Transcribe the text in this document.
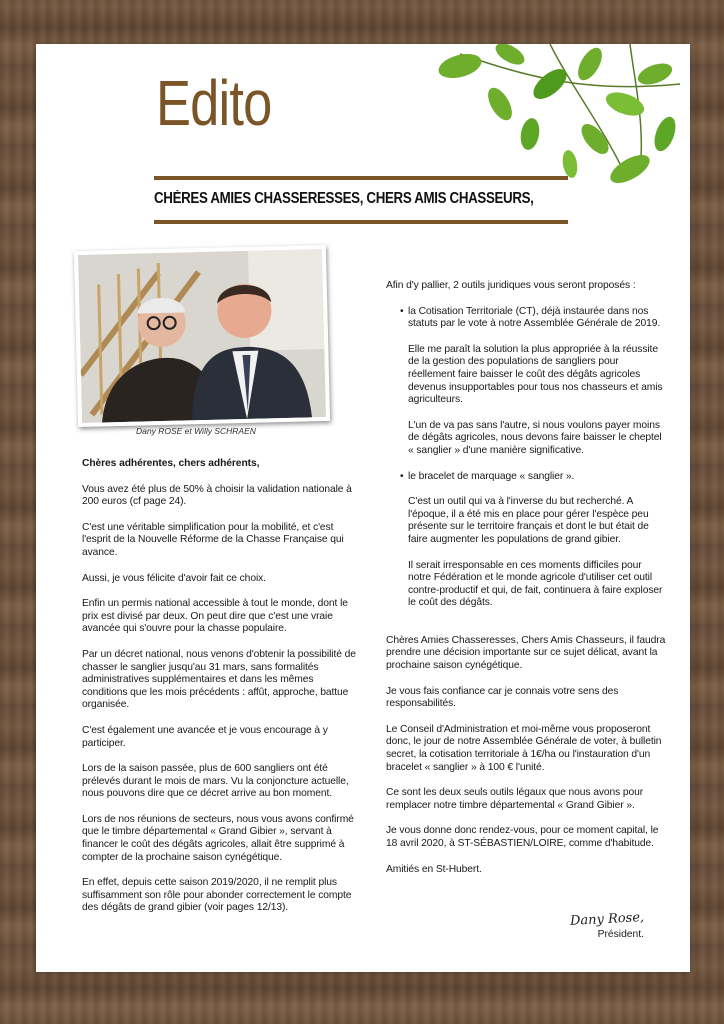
Edito
CHÈRES AMIES CHASSERESSES, CHERS AMIS CHASSEURS,
Dany ROSE et Willy SCHRAEN

Chères adhérentes, chers adhérents,

Vous avez été plus de 50% à choisir la validation nationale à 200 euros (cf page 24).

C'est une véritable simplification pour la mobilité, et c'est l'esprit de la Nouvelle Réforme de la Chasse Française qui avance.

Aussi, je vous félicite d'avoir fait ce choix.

Enfin un permis national accessible à tout le monde, dont le prix est divisé par deux. On peut dire que c'est une vraie avancée qui s'ouvre pour la chasse populaire.

Par un décret national, nous venons d'obtenir la possibilité de chasser le sanglier jusqu'au 31 mars, sans formalités administratives supplémentaires et dans les mêmes conditions que les mois précédents : affût, approche, battue organisée.

C'est également une avancée et je vous encourage à y participer.

Lors de la saison passée, plus de 600 sangliers ont été prélevés durant le mois de mars. Vu la conjoncture actuelle, nous pouvons dire que ce décret arrive au bon moment.

Lors de nos réunions de secteurs, nous vous avons confirmé que le timbre départemental « Grand Gibier », servant à financer le coût des dégâts agricoles, allait être supprimé à compter de la prochaine saison cynégétique.

En effet, depuis cette saison 2019/2020, il ne remplit plus suffisamment son rôle pour abonder correctement le compte des dégâts de grand gibier (voir pages 12/13).

Afin d'y pallier, 2 outils juridiques vous seront proposés :

• la Cotisation Territoriale (CT), déjà instaurée dans nos statuts par le vote à notre Assemblée Générale de 2019.

Elle me paraît la solution la plus appropriée à la réussite de la gestion des populations de sangliers pour réellement faire baisser le coût des dégâts agricoles devenus insupportables pour tous nos chasseurs et amis agriculteurs.

L'un de va pas sans l'autre, si nous voulons payer moins de dégâts agricoles, nous devons faire baisser le cheptel « sanglier » d'une manière significative.

• le bracelet de marquage « sanglier ».

C'est un outil qui va à l'inverse du but recherché. A l'époque, il a été mis en place pour gérer l'espèce peu présente sur le territoire français et dont le but était de faire augmenter les populations de grand gibier.

Il serait irresponsable en ces moments difficiles pour notre Fédération et le monde agricole d'utiliser cet outil contre-productif et qui, de fait, continuera à faire exploser le coût des dégâts.

Chères Amies Chasseresses, Chers Amis Chasseurs, il faudra prendre une décision importante sur ce sujet délicat, avant la prochaine saison cynégétique.

Je vous fais confiance car je connais votre sens des responsabilités.

Le Conseil d'Administration et moi-même vous proposeront donc, le jour de notre Assemblée Générale de voter, à bulletin secret, la cotisation territoriale à 1€/ha ou l'instauration d'un bracelet « sanglier » à 100 € l'unité.

Ce sont les deux seuls outils légaux que nous avons pour remplacer notre timbre départemental « Grand Gibier ».

Je vous donne donc rendez-vous, pour ce moment capital, le 18 avril 2020, à ST-SÉBASTIEN/LOIRE, comme d'habitude.

Amitiés en St-Hubert.

Dany Rose,
Président.
